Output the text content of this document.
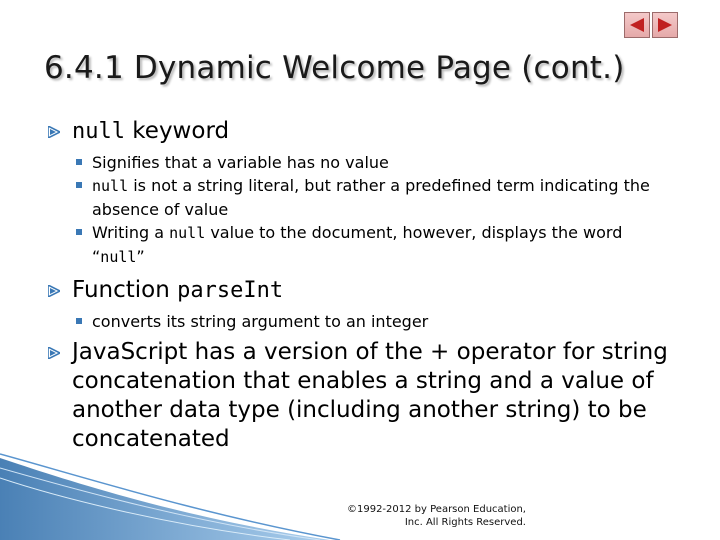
6.4.1 Dynamic Welcome Page (cont.)

null keyword

Signifies that a variable has no value

null is not a string literal, but rather a predefined term indicating the absence of value

Writing a null value to the document, however, displays the word “null”

Function parseInt

converts its string argument to an integer

JavaScript has a version of the + operator for string concatenation that enables a string and a value of another data type (including another string) to be concatenated

©1992-2012 by Pearson Education,
Inc. All Rights Reserved.
